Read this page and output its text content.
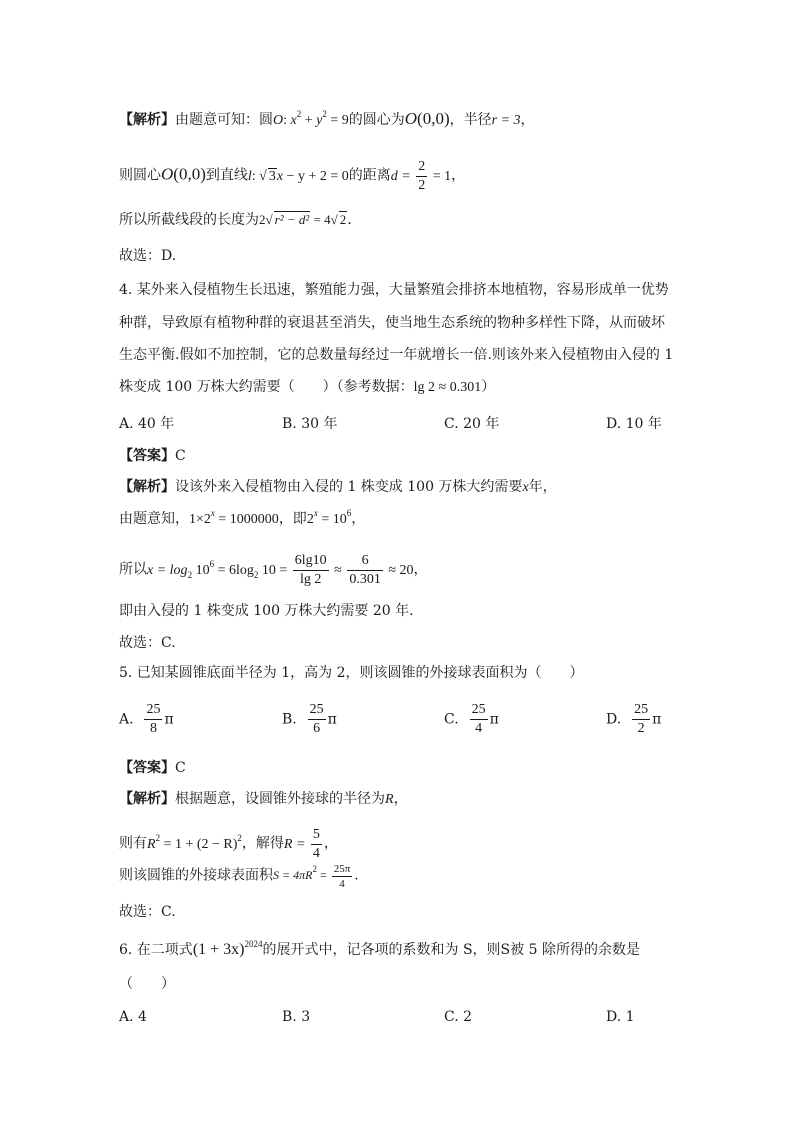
【解析】由题意可知：圆O: $x^2 + y^2 = 9$的圆心为O(0,0)，半径r = 3，
则圆心O(0,0)到直线l: √ 3x − y + 2 = 0的距离$d = \frac{2}{2} = 1$，
所以所截线段的长度为2√ r² − d² = 4√ 2.
故选：D.
4. 某外来入侵植物生长迅速，繁殖能力强，大量繁殖会排挤本地植物，容易形成单一优势
种群，导致原有植物种群的衰退甚至消失，使当地生态系统的物种多样性下降，从而破坏
生态平衡.假如不加控制，它的总数量每经过一年就增长一倍.则该外来入侵植物由入侵的 1
株变成 100 万株大约需要（　　）（参考数据：lg 2 ≈ 0.301）
A. 40 年	B. 30 年	C. 20 年	D. 10 年
【答案】C
【解析】设该外来入侵植物由入侵的 1 株变成 100 万株大约需要x年，
由题意知，$1\times 2^x = 1000000$，即$2^x = 10^6$，
所以$x = \log_2 10^6 = 6\log_2$ $10 = \frac{6\lg 10}{\lg 2} \approx \frac{6}{0.301} \approx 20$，
即由入侵的 1 株变成 100 万株大约需要 20 年.
故选：C.
5. 已知某圆锥底面半径为 1，高为 2，则该圆锥的外接球表面积为（　　）
A. $\frac{25}{8}$ π	B. $\frac{25}{6}$ π	C. $\frac{25}{4}$ π	D. $\frac{25}{2}$ π
【答案】C
【解析】根据题意，设圆锥外接球的半径为R，
则有$R^2 = 1 + (2 - R)^2$，解得$R = \frac{5}{4}$ ，
则该圆锥的外接球表面积$S = 4\pi R^2 = \frac{25\pi}{4}$ .
故选：C.
6. 在二项式$(1 + 3x)^{2024}$的展开式中，记各项的系数和为 S，则S被 5 除所得的余数是
（　　）
A. 4	B. 3	C. 2	D. 1
